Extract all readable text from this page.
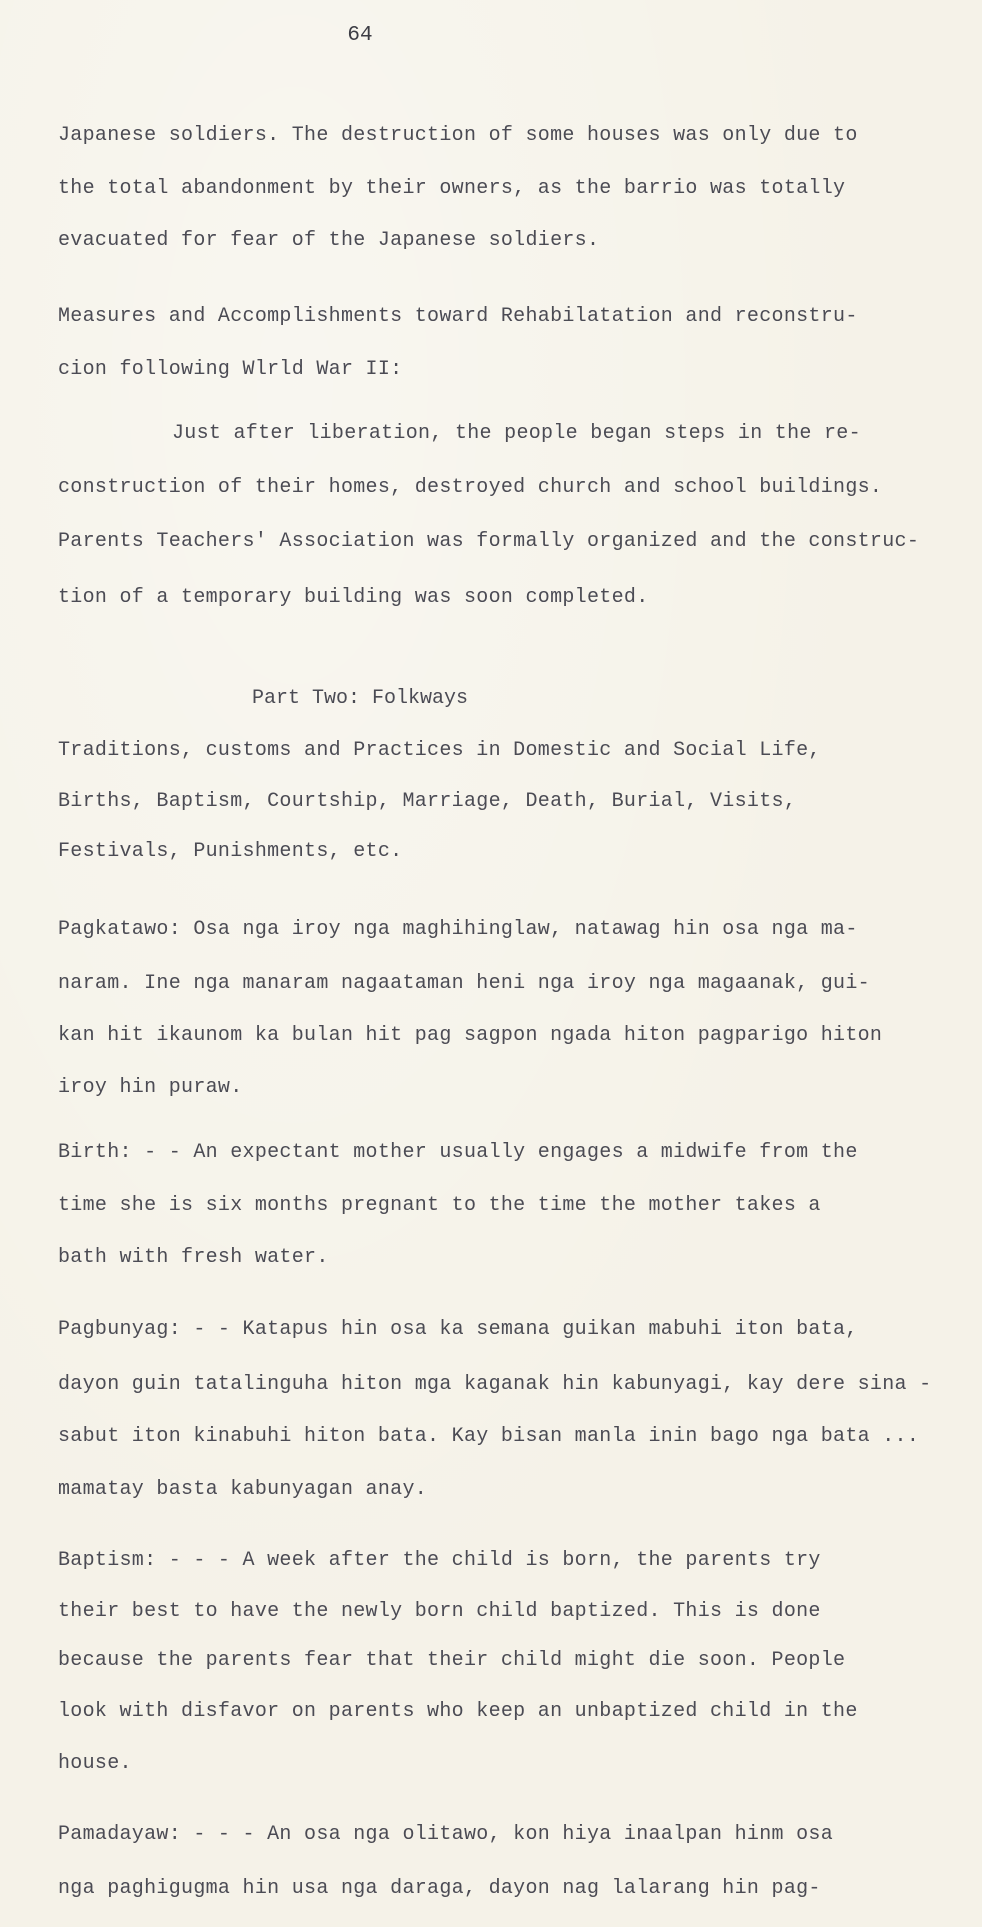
64
Japanese soldiers. The destruction of some houses was only due to
the total abandonment by their owners, as the barrio was totally
evacuated for fear of the Japanese soldiers.
Measures and Accomplishments toward Rehabilatation and reconstru-
cion following Wlrld War II:
Just after liberation, the people began steps in the re-
construction of their homes, destroyed church and school buildings.
Parents Teachers' Association was formally organized and the construc-
tion of a temporary building was soon completed.
Part Two: Folkways
Traditions, customs and Practices in Domestic and Social Life,
Births, Baptism, Courtship, Marriage, Death, Burial, Visits,
Festivals, Punishments, etc.
Pagkatawo: Osa nga iroy nga maghihinglaw, natawag hin osa nga ma-
naram. Ine nga manaram nagaataman heni nga iroy nga magaanak, gui-
kan hit ikaunom ka bulan hit pag sagpon ngada hiton pagparigo hiton
iroy hin puraw.
Birth: - - An expectant mother usually engages a midwife from the
time she is six months pregnant to the time the mother takes a
bath with fresh water.
Pagbunyag: - - Katapus hin osa ka semana guikan mabuhi iton bata,
dayon guin tatalinguha hiton mga kaganak hin kabunyagi, kay dere sina -
sabut iton kinabuhi hiton bata. Kay bisan manla inin bago nga bata ...
mamatay basta kabunyagan anay.
Baptism: - - - A week after the child is born, the parents try
their best to have the newly born child baptized. This is done
because the parents fear that their child might die soon. People
look with disfavor on parents who keep an unbaptized child in the
house.
Pamadayaw: - - - An osa nga olitawo, kon hiya inaalpan hinm osa
nga paghigugma hin usa nga daraga, dayon nag lalarang hin pag-
